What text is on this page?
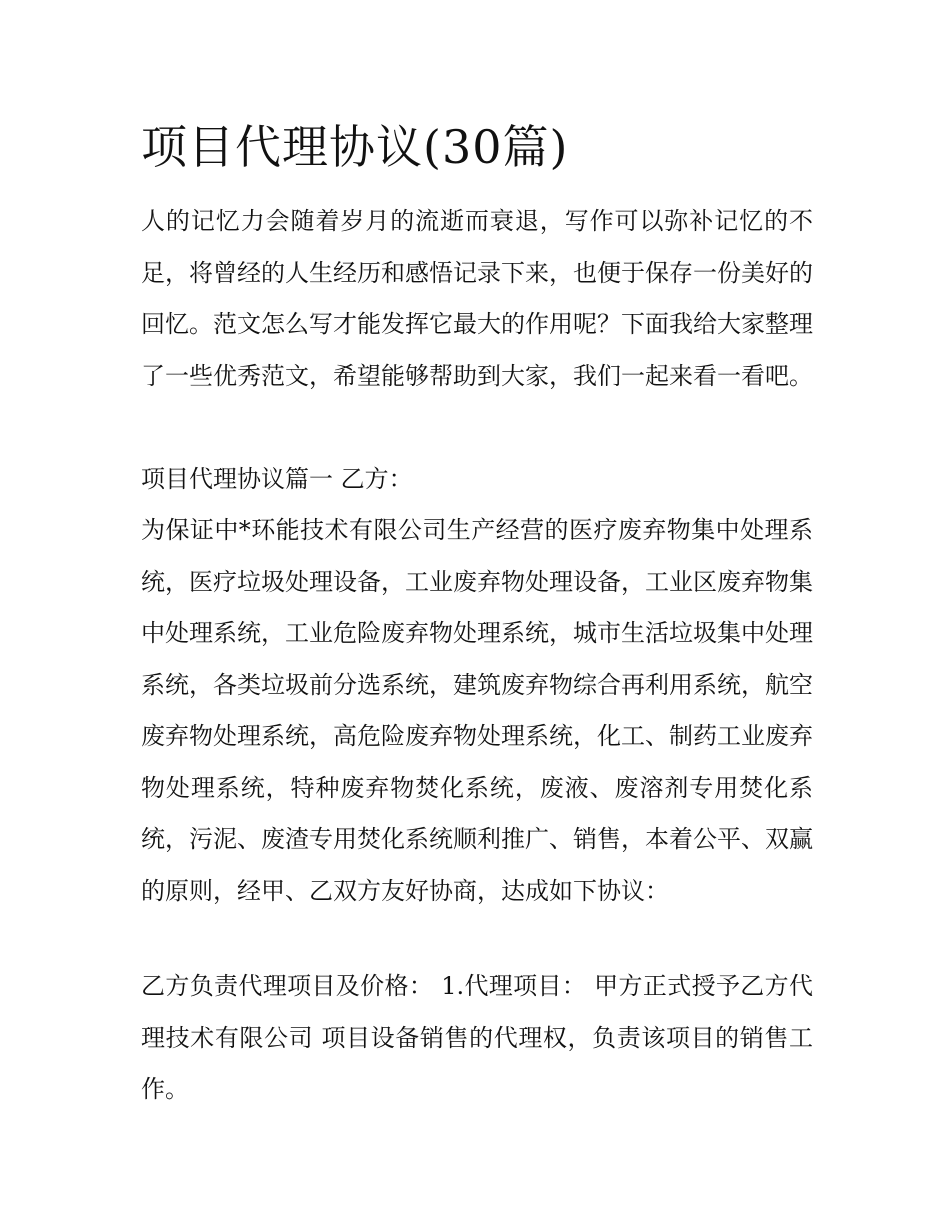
项目代理协议(30篇)

人的记忆力会随着岁月的流逝而衰退，写作可以弥补记忆的不足，将曾经的人生经历和感悟记录下来，也便于保存一份美好的回忆。范文怎么写才能发挥它最大的作用呢？下面我给大家整理了一些优秀范文，希望能够帮助到大家，我们一起来看一看吧。

项目代理协议篇一 乙方：

为保证中*环能技术有限公司生产经营的医疗废弃物集中处理系统，医疗垃圾处理设备，工业废弃物处理设备，工业区废弃物集中处理系统，工业危险废弃物处理系统，城市生活垃圾集中处理系统，各类垃圾前分选系统，建筑废弃物综合再利用系统，航空废弃物处理系统，高危险废弃物处理系统，化工、制药工业废弃物处理系统，特种废弃物焚化系统，废液、废溶剂专用焚化系统，污泥、废渣专用焚化系统顺利推广、销售，本着公平、双赢的原则，经甲、乙双方友好协商，达成如下协议：

乙方负责代理项目及价格： 1.代理项目： 甲方正式授予乙方代理技术有限公司 项目设备销售的代理权，负责该项目的销售工作。
